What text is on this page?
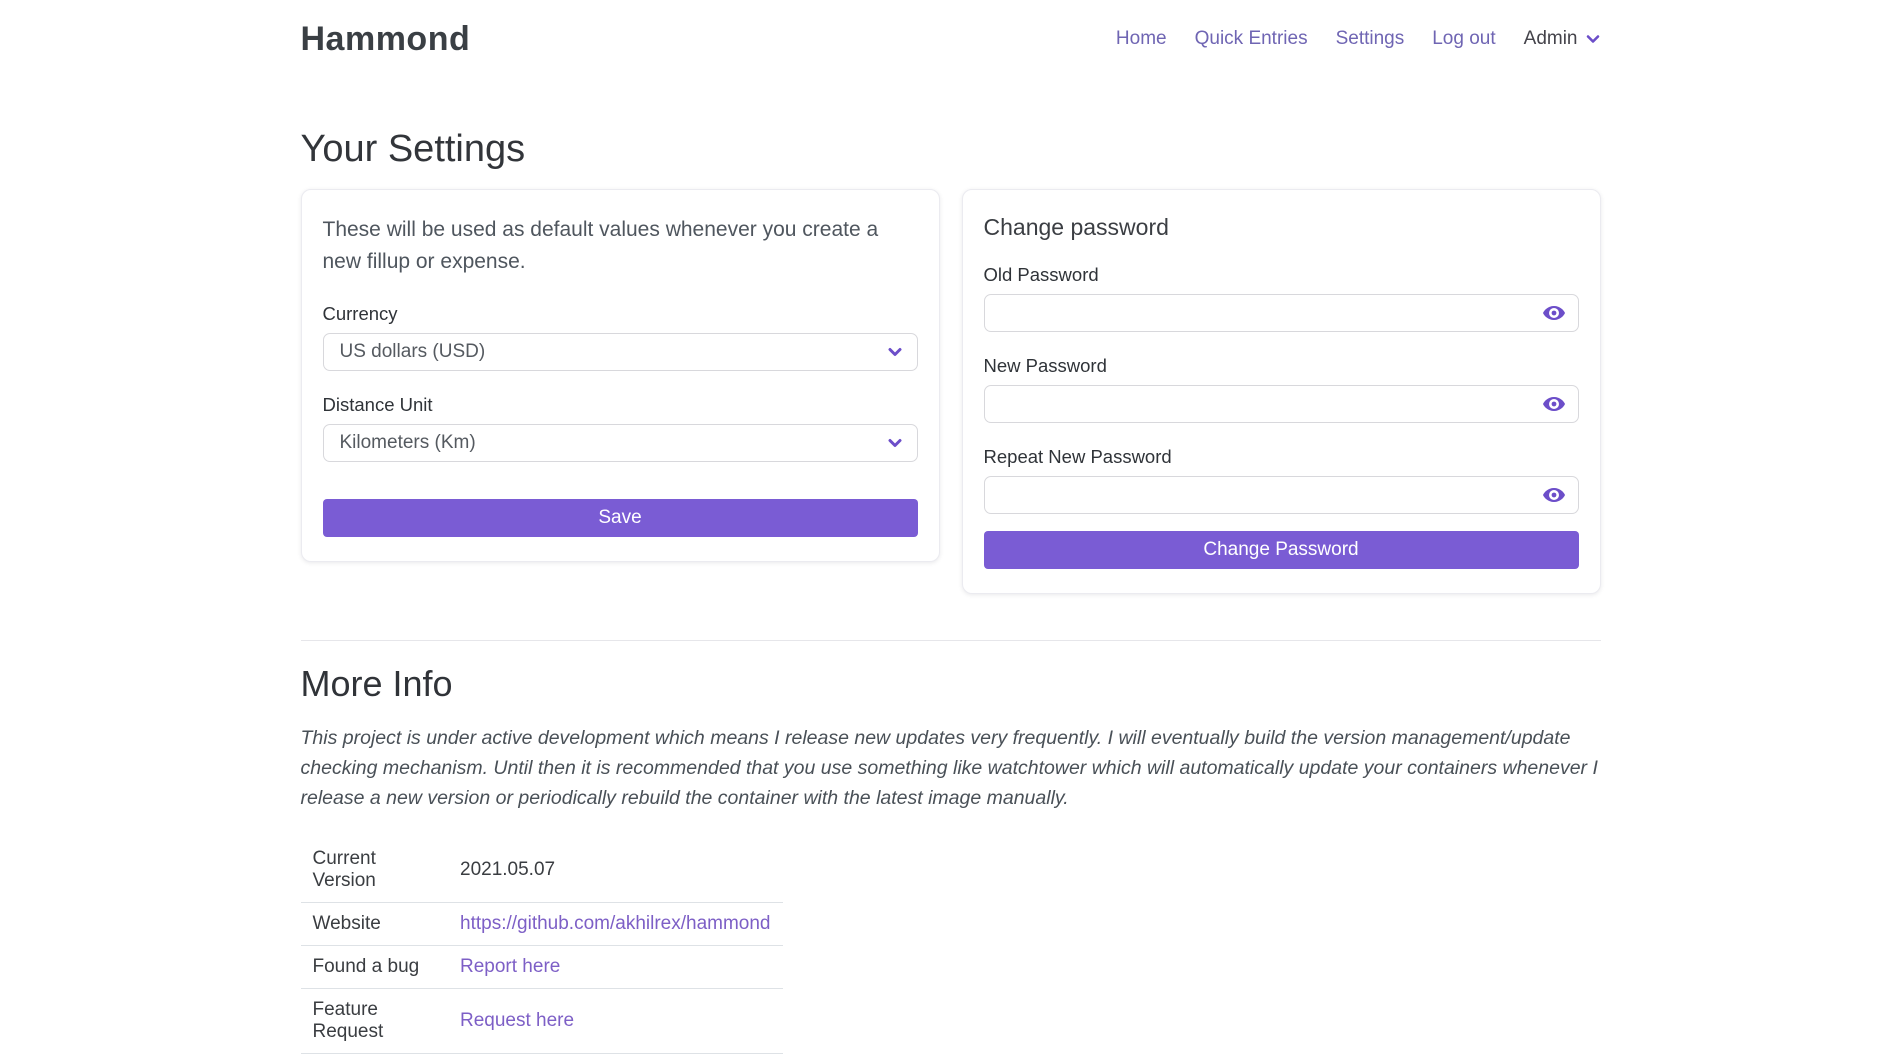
Hammond	Home Quick Entries Settings Log out Admin
Your Settings
These will be used as default values whenever you create a new fillup or expense.
Currency
US dollars (USD)
Distance Unit
Kilometers (Km)
Save
Change password
Old Password
New Password
Repeat New Password
Change Password
More Info

This project is under active development which means I release new updates very frequently. I will eventually build the version management/update checking mechanism. Until then it is recommended that you use something like watchtower which will automatically update your containers whenever I release a new version or periodically rebuild the container with the latest image manually.

Current Version	2021.05.07
Website	https://github.com/akhilrex/hammond
Found a bug	Report here
Feature Request	Request here
